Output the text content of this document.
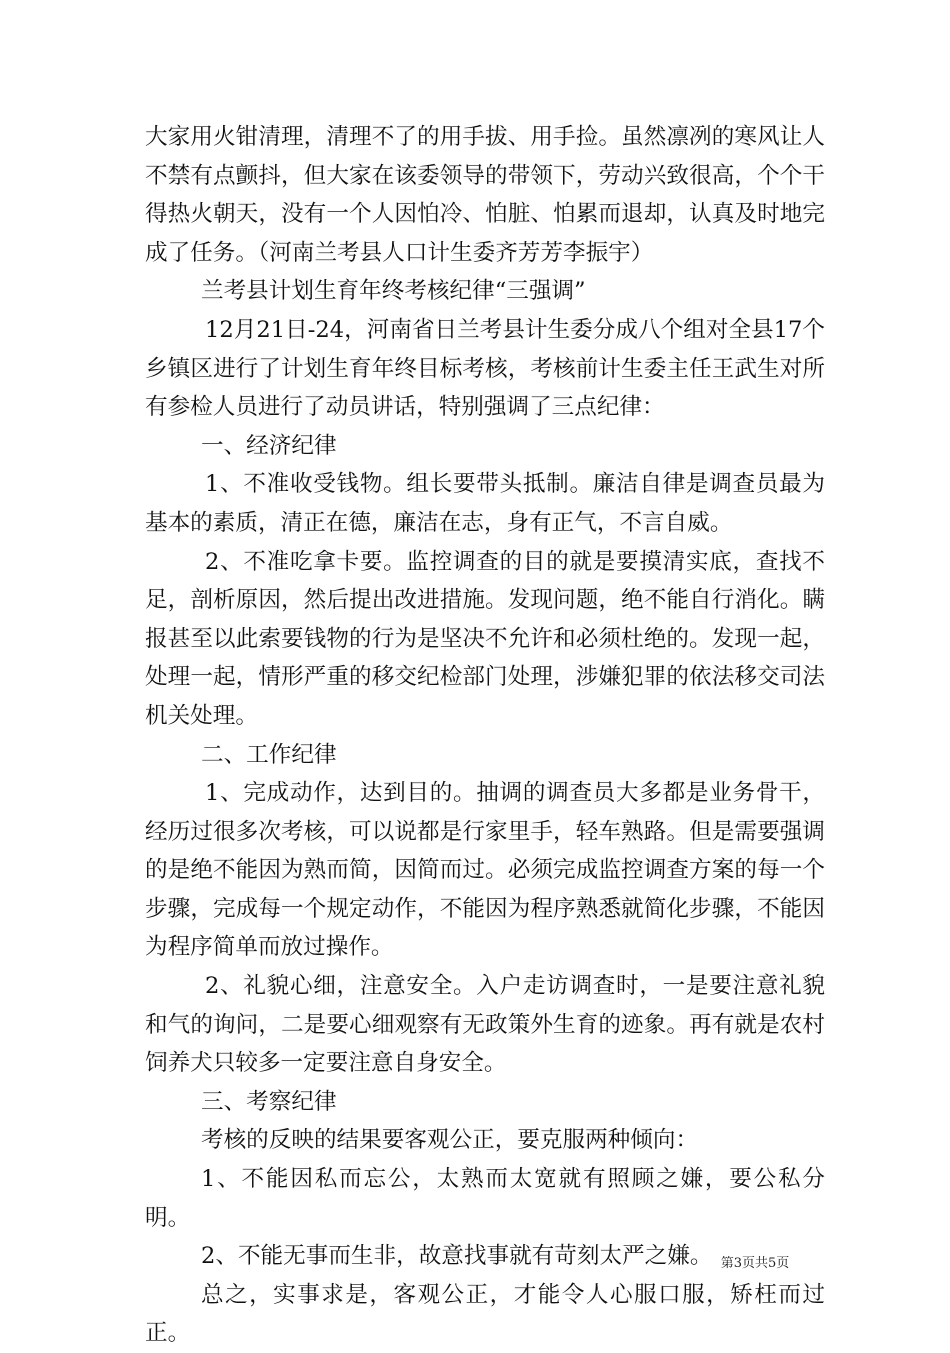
大家用火钳清理，清理不了的用手拔、用手捡。虽然凛冽的寒风让人不禁有点颤抖，但大家在该委领导的带领下，劳动兴致很高，个个干得热火朝天，没有一个人因怕冷、怕脏、怕累而退却，认真及时地完成了任务。（河南兰考县人口计生委齐芳芳李振宇）

兰考县计划生育年终考核纪律“三强调”

12月21日-24，河南省日兰考县计生委分成八个组对全县17个乡镇区进行了计划生育年终目标考核，考核前计生委主任王武生对所有参检人员进行了动员讲话，特别强调了三点纪律：

一、经济纪律

1、不准收受钱物。组长要带头抵制。廉洁自律是调查员最为基本的素质，清正在德，廉洁在志，身有正气，不言自威。

2、不准吃拿卡要。监控调查的目的就是要摸清实底，查找不足，剖析原因，然后提出改进措施。发现问题，绝不能自行消化。瞒报甚至以此索要钱物的行为是坚决不允许和必须杜绝的。发现一起，处理一起，情形严重的移交纪检部门处理，涉嫌犯罪的依法移交司法机关处理。

二、工作纪律

1、完成动作，达到目的。抽调的调查员大多都是业务骨干，经历过很多次考核，可以说都是行家里手，轻车熟路。但是需要强调的是绝不能因为熟而简，因简而过。必须完成监控调查方案的每一个步骤，完成每一个规定动作，不能因为程序熟悉就简化步骤，不能因为程序简单而放过操作。

2、礼貌心细，注意安全。入户走访调查时，一是要注意礼貌和气的询问，二是要心细观察有无政策外生育的迹象。再有就是农村饲养犬只较多一定要注意自身安全。

三、考察纪律

考核的反映的结果要客观公正，要克服两种倾向：

1、不能因私而忘公，太熟而太宽就有照顾之嫌，要公私分明。

2、不能无事而生非，故意找事就有苛刻太严之嫌。

总之，实事求是，客观公正，才能令人心服口服，矫枉而过正。

第3页共5页
